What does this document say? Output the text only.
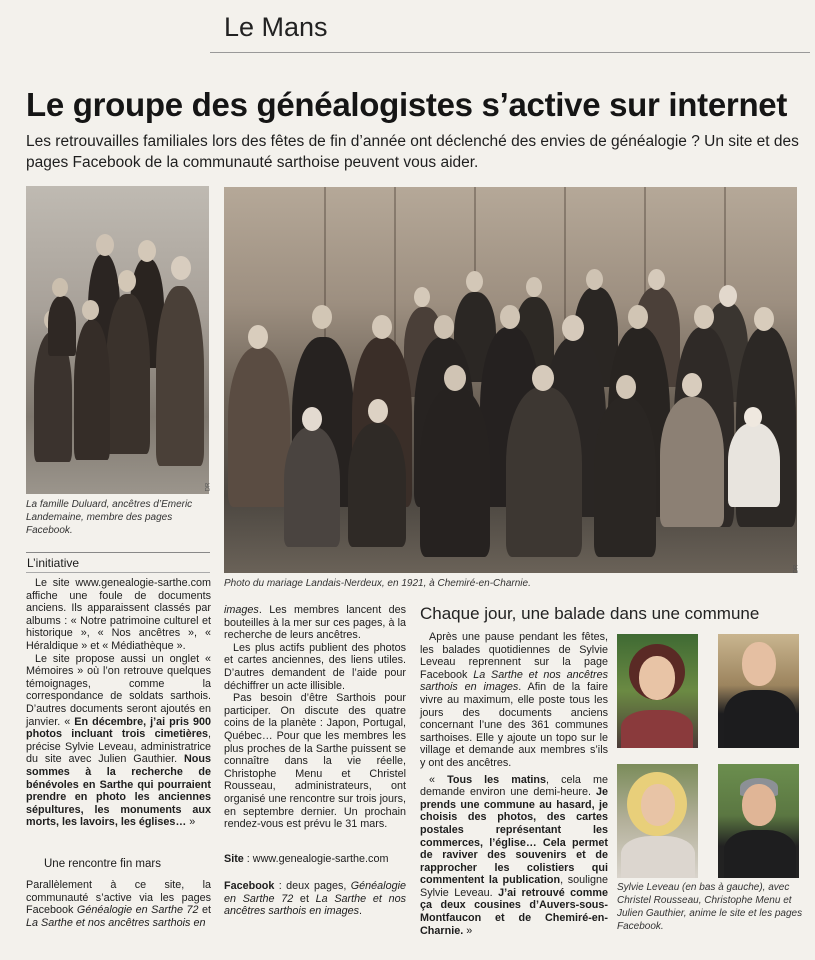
Le Mans
Le groupe des généalogistes s’active sur internet
Les retrouvailles familiales lors des fêtes de fin d’année ont déclenché des envies de généalogie ? Un site et des pages Facebook de la communauté sarthoise peuvent vous aider.
DR
La famille Duluard, ancêtres d’Emeric Landemaine, membre des pages Facebook.
DR
Photo du mariage Landais-Nerdeux, en 1921, à Chemiré-en-Charnie.
L’initiative

Le site www.genealogie-sarthe.com affiche une foule de documents anciens. Ils apparaissent classés par albums : « Notre patrimoine culturel et historique », « Nos ancêtres », « Héraldique » et « Médiathèque ».

Le site propose aussi un onglet « Mémoires » où l’on retrouve quelques témoignages, comme la correspondance de soldats sarthois. D’autres documents seront ajoutés en janvier. « En décembre, j’ai pris 900 photos incluant trois cimetières, précise Sylvie Leveau, administratrice du site avec Julien Gauthier. Nous sommes à la recherche de bénévoles en Sarthe qui pourraient prendre en photo les anciennes sépultures, les monuments aux morts, les lavoirs, les églises… »

Une rencontre fin mars

Parallèlement à ce site, la communauté s’active via les pages Facebook Généalogie en Sarthe 72 et La Sarthe et nos ancêtres sarthois en

images. Les membres lancent des bouteilles à la mer sur ces pages, à la recherche de leurs ancêtres.

Les plus actifs publient des photos et cartes anciennes, des liens utiles. D’autres demandent de l’aide pour déchiffrer un acte illisible.

Pas besoin d’être Sarthois pour participer. On discute des quatre coins de la planète : Japon, Portugal, Québec… Pour que les membres les plus proches de la Sarthe puissent se connaître dans la vie réelle, Christophe Menu et Christel Rousseau, administrateurs, ont organisé une rencontre sur trois jours, en septembre dernier. Un prochain rendez-vous est prévu le 31 mars.

Site : www.genealogie-sarthe.com

Facebook : deux pages, Généalogie en Sarthe 72 et La Sarthe et nos ancêtres sarthois en images.

Chaque jour, une balade dans une commune

Après une pause pendant les fêtes, les balades quotidiennes de Sylvie Leveau reprennent sur la page Facebook La Sarthe et nos ancêtres sarthois en images. Afin de la faire vivre au maximum, elle poste tous les jours des documents anciens concernant l’une des 361 communes sarthoises. Elle y ajoute un topo sur le village et demande aux membres s’ils y ont des ancêtres.

« Tous les matins, cela me demande environ une demi-heure. Je prends une commune au hasard, je choisis des photos, des cartes postales représentant les commerces, l’église… Cela permet de raviver des souvenirs et de rapprocher les colistiers qui commentent la publication, souligne Sylvie Leveau. J’ai retrouvé comme ça deux cousines d’Auvers-sous-Montfaucon et de Chemiré-en-Charnie. »

Sylvie Leveau (en bas à gauche), avec Christel Rousseau, Christophe Menu et Julien Gauthier, anime le site et les pages Facebook.
